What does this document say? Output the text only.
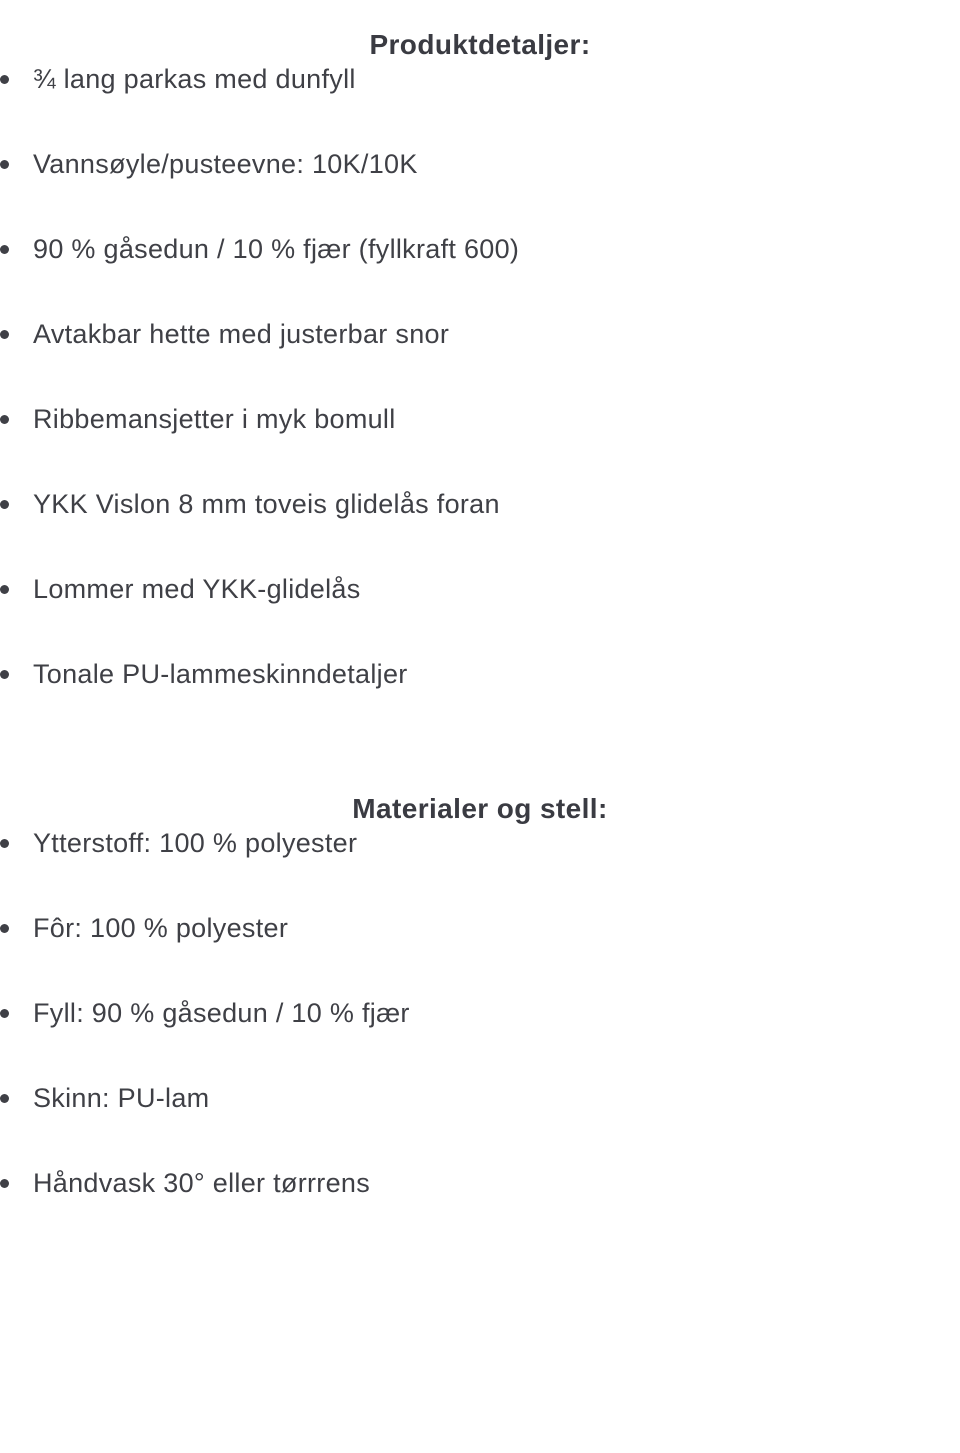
Produktdetaljer:
¾ lang parkas med dunfyll
Vannsøyle/pusteevne: 10K/10K
90 % gåsedun / 10 % fjær (fyllkraft 600)
Avtakbar hette med justerbar snor
Ribbemansjetter i myk bomull
YKK Vislon 8 mm toveis glidelås foran
Lommer med YKK-glidelås
Tonale PU-lammeskinndetaljer
Materialer og stell:
Ytterstoff: 100 % polyester
Fôr: 100 % polyester
Fyll: 90 % gåsedun / 10 % fjær
Skinn: PU-lam
Håndvask 30° eller tørrrens
